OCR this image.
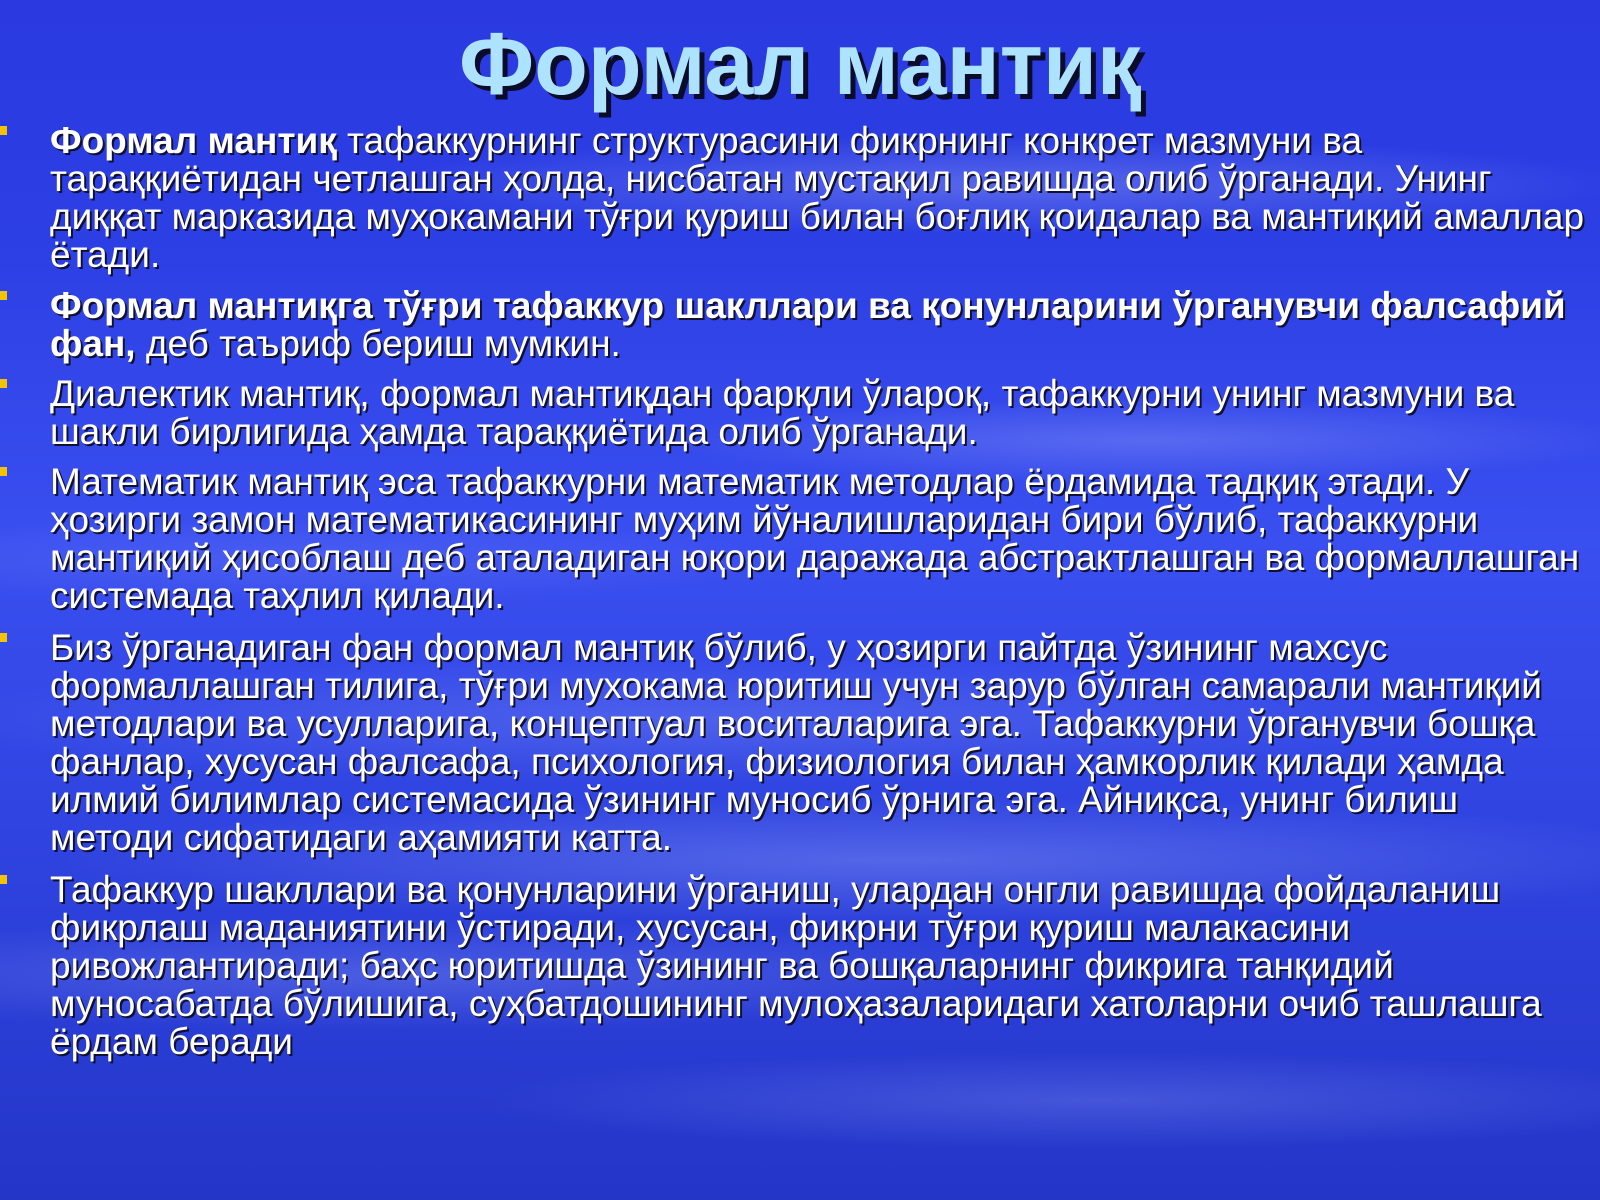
Формал мантиқ
Формал мантиқ тафаккурнинг структурасини фикрнинг конкрет мазмуни ва тараққиётидан четлашган ҳолда, нисбатан мустақил равишда олиб ўрганади. Унинг диққат марказида муҳокамани тўғри қуриш билан боғлиқ қоидалар ва мантиқий амаллар ётади.
Формал мантиқга тўғри тафаккур шакллари ва қонунларини ўрганувчи фалсафий фан, деб таъриф бериш мумкин.
Диалектик мантиқ, формал мантиқдан фарқли ўлароқ, тафаккурни унинг мазмуни ва шакли бирлигида ҳамда тараққиётида олиб ўрганади.
Математик мантиқ эса тафаккурни математик методлар ёрдамида тадқиқ этади. У ҳозирги замон математикасининг муҳим йўналишларидан бири бўлиб, тафаккурни мантиқий ҳисоблаш деб аталадиган юқори даражада абстрактлашган ва формаллашган системада таҳлил қилади.
Биз ўрганадиган фан формал мантиқ бўлиб, у ҳозирги пайтда ўзининг махсус формаллашган тилига, тўғри мухокама юритиш учун зарур бўлган самарали мантиқий методлари ва усулларига, концептуал воситаларига эга. Тафаккурни ўрганувчи бошқа фанлар, хусусан фалсафа, психология, физиология билан ҳамкорлик қилади ҳамда илмий билимлар системасида ўзининг муносиб ўрнига эга. Айниқса, унинг билиш методи сифатидаги аҳамияти катта.
Тафаккур шакллари ва қонунларини ўрганиш, улардан онгли равишда фойдаланиш фикрлаш маданиятини ўстиради, хусусан, фикрни тўғри қуриш малакасини ривожлантиради; баҳс юритишда ўзининг ва бошқаларнинг фикрига танқидий муносабатда бўлишига, суҳбатдошининг мулоҳазаларидаги хатоларни очиб ташлашга ёрдам беради
